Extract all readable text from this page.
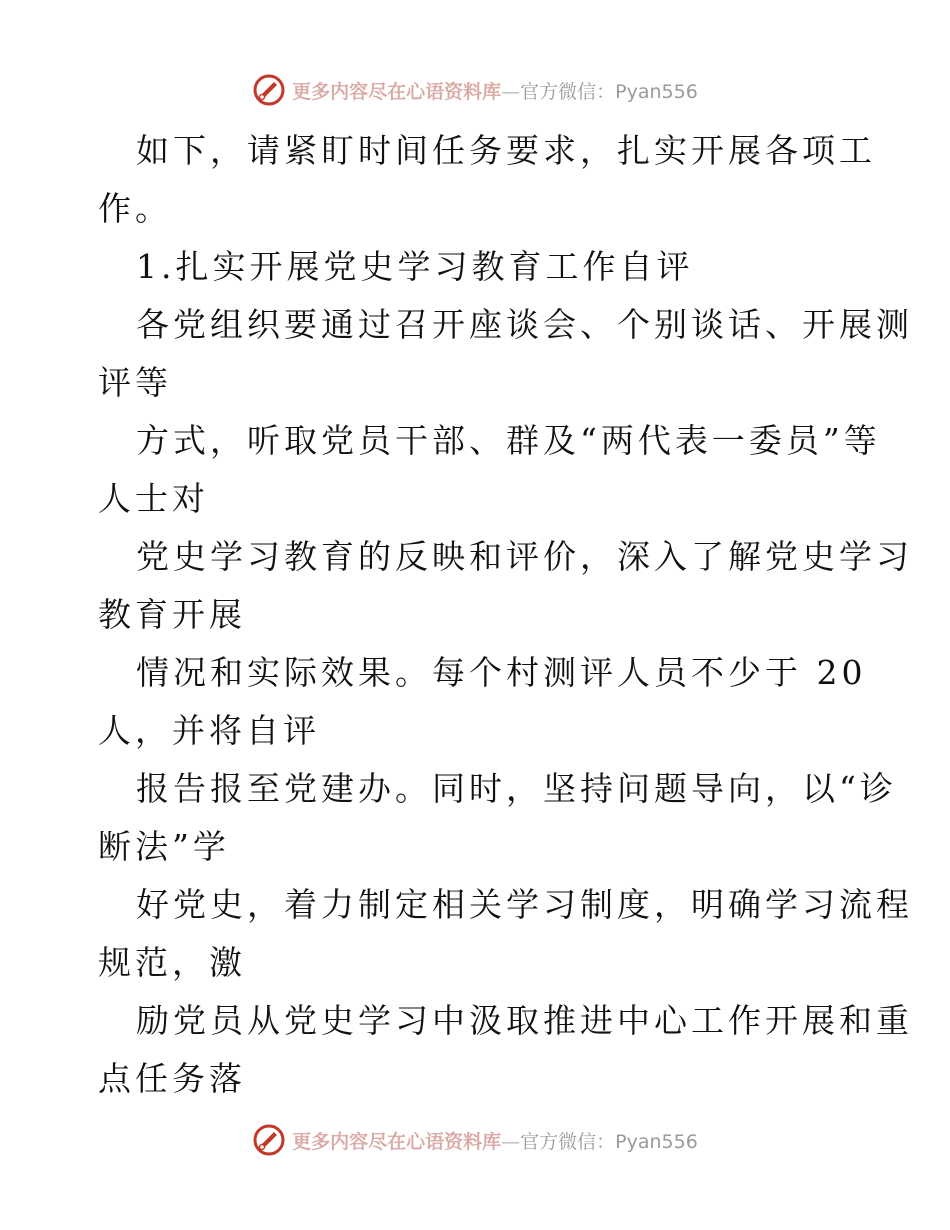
更多内容尽在心语资料库—官方微信：Pyan556
如下，请紧盯时间任务要求，扎实开展各项工
作。
1.扎实开展党史学习教育工作自评
各党组织要通过召开座谈会、个别谈话、开展测
评等
方式，听取党员干部、群及“两代表一委员”等
人士对
党史学习教育的反映和评价，深入了解党史学习
教育开展
情况和实际效果。每个村测评人员不少于 20
人，并将自评
报告报至党建办。同时，坚持问题导向，以“诊
断法”学
好党史，着力制定相关学习制度，明确学习流程
规范，激
励党员从党史学习中汲取推进中心工作开展和重
点任务落
更多内容尽在心语资料库—官方微信：Pyan556
